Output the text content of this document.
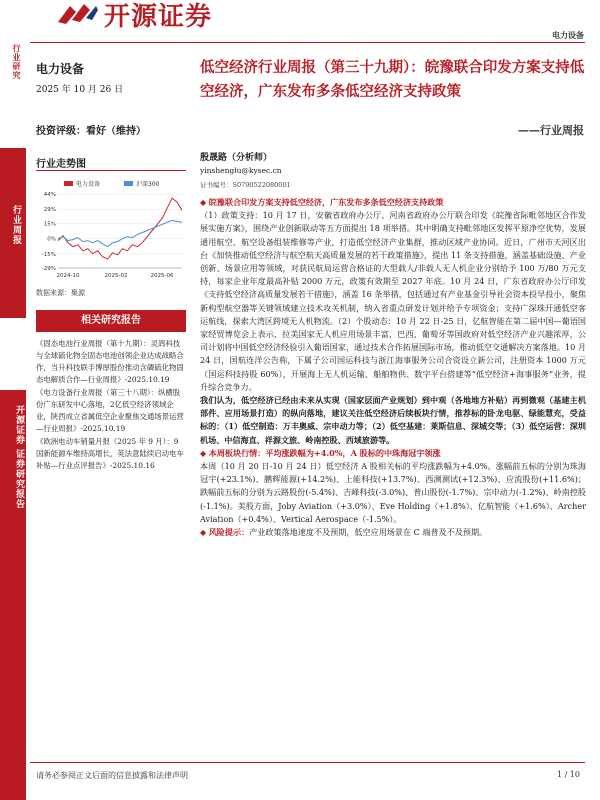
开源证券
电力设备
行业研究
行业周报
开源证券 证券研究报告
电力设备
2025 年 10 月 26 日
投资评级：看好（维持）
行业走势图
电力设备	沪深300
44%
29%
15%
0%
-15%
-29%
2024-10	2025-02	2025-06
数据来源：聚源
相关研究报告

《固态电池行业周报（第十九期）：灵鸽科技与全球硫化物全固态电池创领企业达成战略合作，当升科技联手博厚股份推动含磷硫化物固态电解质合作—行业周报》-2025.10.19

《电力设备行业周报（第三十八期）：纵横股份广东研发中心落地，2亿低空经济领域企业，陕西成立省属低空企业聚焦交通场景运营—行业周报》-2025.10.19

《欧洲电动车销量月报（2025 年 9 月）：9 国新能源车维持高增长，英法意陆续启动电车补贴—行业点评报告》-2025.10.16

低空经济行业周报（第三十九期）：皖豫联合印发方案支持低空经济，广东发布多条低空经济支持政策
——行业周报
殷晟路（分析师）
yinshenglu@kysec.cn
证书编号：S0790522080001

◆ 皖豫联合印发方案支持低空经济，广东发布多条低空经济支持政策

（1）政策支持：10 月 17 日，安徽省政府办公厅、河南省政府办公厅联合印发《皖豫省际毗邻地区合作发展实施方案》，围绕产业创新联动等五方面提出 18 项举措。其中明确支持毗邻地区发挥平原净空优势，发展通用航空、航空设备组装维修等产业，打造低空经济产业集群，推动区域产业协同。近日，广州市天河区出台《加快推动低空经济与航空航天高质量发展的若干政策措施》，提出 11 条支持措施，涵盖基础设施、产业创新、场景应用等领域，对获民航局运营合格证的大型载人/非载人无人机企业分别给予 100 万/80 万元支持，每家企业年度最高补贴 2000 万元，政策有效期至 2027 年底。10 月 24 日，广东省政府办公厅印发《支持低空经济高质量发展若干措施》，涵盖 16 条举措，包括通过有产业基金引导社会资本投早投小，聚焦新构型航空器等关键领域建立技术攻关机制，纳入省重点研发计划并给予专项资金；支持广深珠开通低空客运航线，探索大湾区跨境无人机物流。（2）个股动态：10 月 22 日-25 日，亿航智能在第二届中国—葡语国家经贸博览会上表示，拉美国家无人机应用场景丰富，巴西、葡萄牙等国政府对低空经济产业兴趣浓厚，公司计划将中国低空经济经验引入葡语国家，通过技术合作拓展国际市场，推动低空交通解决方案落地。10 月 24 日，国航连洋公告称，下属子公司国运科技与浙江海事服务公司合资设立新公司，注册资本 1000 万元（国运科技持股 60%），开展海上无人机运输、船舶物供、数字平台搭建等“低空经济+海事服务”业务，提升综合竞争力。

我们认为，低空经济已经由未来从实现（国家层面产业规划）到中观（各地地方补贴）再到微观（基建主机部件、应用场景打造）的纵向落地，建议关注低空经济后续板块行情，推荐标的卧龙电驱、绿能慧充，受益标的：（1）低空制造：万丰奥威、宗申动力等；（2）低空基建：莱斯信息、深城交等；（3）低空运营：深圳机场、中信海直、祥源文旅、岭南控股、西域旅游等。

◆ 本周板块行情：平均涨跌幅为+4.0%，A 股标的中珠海冠宇领涨

本周（10 月 20 日-10 月 24 日）低空经济 A 股相关标的平均涨跌幅为+4.0%。涨幅前五标的分别为珠海冠宇(+23.1%)、鹏辉能源(+14.2%)、上能科技(+13.7%)、西测测试(+12.3%)、应流股份(+11.6%)；跌幅前五标的分别为云路股份(-5.4%)、吉峰科技(-3.0%)、普山股份(-1.7%)、宗申动力(-1.2%)、岭南控股(-1.1%)。美股方面，Joby Aviation（+3.0%）、Eve Holding（+1.8%）、亿航智能（+1.6%）、Archer Aviation（+0.4%）、Vertical Aerospace（-1.5%）。

◆ 风险提示：产业政策落地速度不及预期，低空应用场景在 C 端普及不及预期。

请务必参阅正文后面的信息披露和法律声明	1 / 10
